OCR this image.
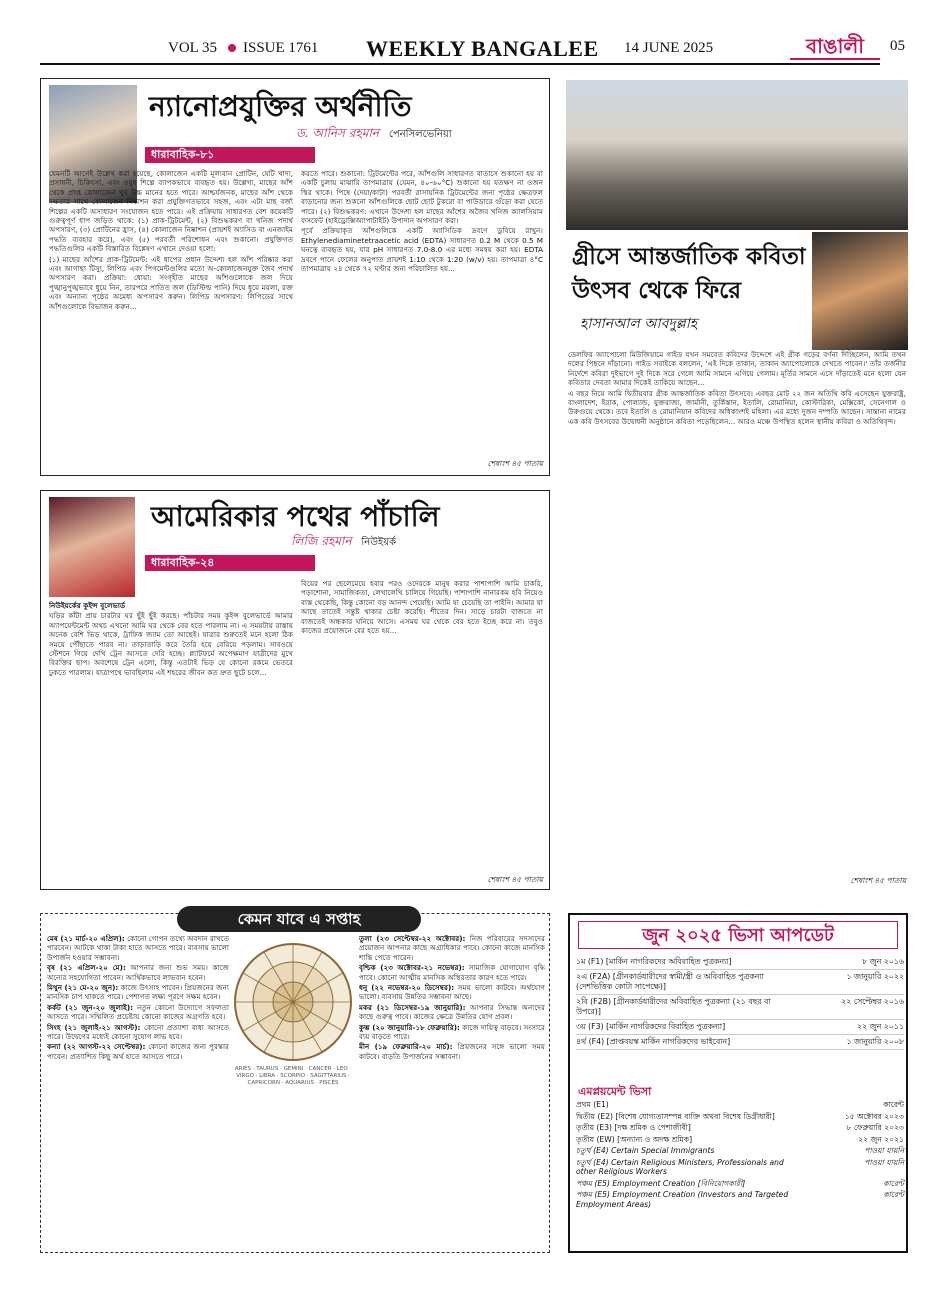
VOL 35 ISSUE 1761 WEEKLY BANGALEE 14 JUNE 2025	বাঙালী	05
ন্যানোপ্রযুক্তির অর্থনীতি
ড. আনিস রহমান পেনসিলভেনিয়া
ধারাবাহিক-৮১

যেমনটি আগেই উল্লেখ করা হয়েছে, কোলাজেন একটি মূল্যবান প্রোটিন, যেটি খাদ্য, প্রসাধনী, চিকিৎসা, এবং ওষুধ শিল্পে ব্যাপকভাবে ব্যবহৃত হয়। উল্লেখ্য, মাছের আঁশ থেকে প্রাপ্ত কোলাজেন খুব উচ্চ মানের হতে পারে। আশ্চর্যজনক, মাছের আঁশ থেকে দক্ষতার সাথে কোলাজেন নিষ্কাশন করা প্রযুক্তিগতভাবে সহজ, এবং এটা মাছ বর্জ্য শিল্পের একটি অসাধারণ সংযোজন হতে পারে। এই প্রক্রিয়ায় সাধারণত বেশ কয়েকটি গুরুত্বপূর্ণ ধাপ জড়িত থাকে: (১) প্রাক-ট্রিটমেন্ট, (২) বিশুদ্ধকরণ বা খনিজ পদার্থ অপসারণ, (৩) প্রোটিনের হ্রাস, (৪) কোলাজেন নিষ্কাশন (প্রায়শই অ্যাসিড বা এনজাইম পদ্ধতি ব্যবহার করে), এবং (৫) পরবর্তী পরিশোধন এবং শুকানো। প্রযুক্তিগত পদ্ধতিগুলির একটি বিস্তারিত বিশ্লেষণ এখানে দেওয়া হলো:

(১) মাছের আঁশের প্রাক-ট্রিটমেন্ট: এই ধাপের প্রধান উদ্দেশ্য হল আঁশ পরিষ্কার করা এবং আগাছা টিস্যু, লিপিড এবং পিগমেন্টগুলির মতো অ-কোলাজেনযুক্ত জৈব পদার্থ অপসারণ করা। প্রক্রিয়া: ধোয়া: সংগৃহীত মাছের আঁশগুলোকে জল দিয়ে পুঙ্খানুপুঙ্খভাবে ধুয়ে নিন, তারপরে পাতিত জল (ডিস্টিল্ড পানি) দিয়ে ধুয়ে ময়লা, রক্ত এবং অন্যান্য পৃষ্ঠের অমেধ্য অপসারণ করুন। লিপিড অপসারণ: লিপিডের সাথে আঁশগুলোকে বিভাজন করুন...

করতে পারে। শুকানো: ট্রিটমেন্টের পরে, আঁশগুলি সাধারণত বাতাসে শুকানো হয় বা একটি চুলায় মাঝারি তাপমাত্রায় (যেমন, ৪০-৬০°C) শুকানো হয় যতক্ষণ না ওজন স্থির থাকে। পিষে (দেয়া/কাটা) পরবর্তী রাসায়নিক ট্রিটমেন্টের জন্য পৃষ্ঠের ক্ষেত্রফল বাড়ানোর জন্য শুকনো আঁশগুলিকে ছোট ছোট টুকরো বা পাউডারে গুঁড়ো করা যেতে পারে। (২) বিশুদ্ধকরণ: এখানে উদ্দেশ্য হল মাছের আঁশের অজৈব খনিজ ক্যালসিয়াম ফসফেট (হাইড্রোক্সিঅ্যাপাটাইট) উপাদান অপসারণ করা।

পূর্বে প্রক্রিয়াকৃত আঁশগুলিকে একটি অ্যাসিডিক দ্রবণে ডুবিয়ে রাখুন। Ethylenediaminetetraacetic acid (EDTA) সাধারণত 0.2 M থেকে 0.5 M ঘনত্বে ব্যবহৃত হয়, যার pH সাধারণত 7.0-8.0 এর মধ্যে সমন্বয় করা হয়। EDTA দ্রবণে পানে ফেলের অনুপাত প্রায়শই 1:10 থেকে 1:20 (w/v) হয়। তাপমাত্রা ৪°C তাপমাত্রায় ২৪ থেকে ৭২ ঘণ্টার জন্য পরিচালিত হয়...

শেষাংশ ৪৫ পাতায়
আমেরিকার পথের পাঁচালি
লিজি রহমান নিউইয়র্ক
ধারাবাহিক-২৪

নিউইয়র্কের কুইন্স বুলেভার্ড

ঘড়ির কাঁটা প্রায় চারটার ঘর ছুঁই ছুঁই করছে। পাঁচটার সময় কুইন্স বুলেভার্ডে আমার অ্যাপয়েন্টমেন্ট অথচ এখনো আমি ঘর থেকে বের হতে পারলাম না। এ সময়টায় রাস্তায় অনেক বেশি ভিড় থাকে, ট্রাফিক জ্যাম তো আছেই। যাত্রার শুরুতেই মনে হলো ঠিক সময়ে পৌঁছাতে পারব না। তাড়াতাড়ি করে তৈরি হয়ে বেরিয়ে পড়লাম। সাবওয়ে স্টেশনে গিয়ে দেখি ট্রেন আসতে দেরি হচ্ছে। প্ল্যাটফর্মে অপেক্ষমাণ যাত্রীদের মুখে বিরক্তির ছাপ। অবশেষে ট্রেন এলো, কিন্তু এতটাই ভিড় যে কোনো রকমে ভেতরে ঢুকতে পারলাম। যাত্রাপথে ভাবছিলাম এই শহরের জীবন কত দ্রুত ছুটে চলে...

বিয়ের পর ছেলেমেয়ে হবার পরও ওদেরকে মানুষ করার পাশাপাশি আমি চাকরি, পড়াশোনা, সামাজিকতা, লেখালেখি চালিয়ে গিয়েছি। পাশাপাশি নানারকম হবি নিয়েও ব্যস্ত থেকেছি, কিন্তু কোনো বড় আনন্দ পেয়েছি। আমি যা চেয়েছি তা পাইনি। আমার যা আছে তাতেই সন্তুষ্ট থাকার চেষ্টা করেছি। শীতের দিন। সাড়ে চারটা বাজতে না বাজতেই অন্ধকার ঘনিয়ে আসে। এসময় ঘর থেকে বের হতে ইচ্ছে করে না। তবুও কাজের প্রয়োজনে বের হতে হয়...

শেষাংশ ৪৫ পাতায়
গ্রীসে আন্তর্জাতিক কবিতা
উৎসব থেকে ফিরে
হাসানআল আবদুল্লাহ

ডেলফির অ্যাপোলো মিউজিয়ামে গাইড যখন সমবেত কবিদের উদ্দেশে এই গ্রীক গড়ের বর্ণনা দিচ্ছিলেন, আমি তখন দলের পিছনে দাঁড়ানো। গাইড সবাইকে বললেন, 'এই দিকে তাকান, তাকান অ্যাপোলোকে দেখতে পাবেন।' তাঁর তর্জনীর নির্দেশে কবিরা দুইভাগে দুই দিকে সরে গেলে আমি সামনে এগিয়ে গেলাম। মূর্তির সামনে এসে দাঁড়াতেই মনে হলো যেন কবিতার দেবতা আমার দিকেই তাকিয়ে আছেন...

এ বছর নিয়ে আমি দ্বিতীয়বার গ্রীক আন্তর্জাতিক কবিতা উৎসবে। এবছর মোট ২২ জন অতিথি কবি এসেছেন যুক্তরাষ্ট্র, বাংলাদেশ, ইরাক, পোল্যান্ড, যুক্তরাজ্য, জার্মানী, তুর্কিস্তান, ইতালি, রোমানিয়া, কোস্টারিকা, মেক্সিকো, সেনেগাল ও উরুগুয়ে থেকে। তবে ইতালি ও রোমানিয়ান কবিদের অধিকাংশই মহিলা। এর মধ্যে দুজন দম্পতি আছেন। সান্তানা নামের এক কবি উৎসবের উদ্বোধনী অনুষ্ঠানে কবিতা পড়েছিলেন... আরও মঞ্চে উপস্থিত হলেন স্থানীয় কবিরা ও অতিথিবৃন্দ।

শেষাংশ ৪৫ পাতায়
কেমন যাবে এ সপ্তাহ

মেষ (২১ মার্চ-২০ এপ্রিল): কোনো গোপন তথ্যে অবদান রাখতে পারবেন। আটকে থাকা টাকা হাতে আসতে পারে। ব্যবসায় ভালো উপার্জন হওয়ার সম্ভাবনা।

বৃষ (২১ এপ্রিল-২০ মে): আপনার জন্য শুভ সময়। কাজে অন্যের সহযোগিতা পাবেন। আর্থিকভাবে লাভবান হবেন।

মিথুন (২১ মে-২০ জুন): কাজে উৎসাহ পাবেন। প্রিয়জনের জন্য মানসিক চাপ থাকতে পারে। পেশাগত লক্ষ্য পূরণে সক্ষম হবেন।

কর্কট (২১ জুন-২০ জুলাই): নতুন কোনো উদ্যোগে সফলতা আসতে পারে। সম্মিলিত প্রচেষ্টায় কোনো কাজের অগ্রগতি হবে।

সিংহ (২১ জুলাই-২১ আগস্ট): কোনো প্রত্যাশা বাধা আসতে পারে। উদ্বেগের মধ্যেই কোনো সুযোগ লাভ হবে।

কন্যা (২২ আগস্ট-২২ সেপ্টেম্বর): কোনো কাজের জন্য পুরস্কার পাবেন। প্রত্যাশিত কিছু অর্থ হাতে আসতে পারে।

ARIES · TAURUS · GEMINI · CANCER · LEO · VIRGO · LIBRA · SCORPIO · SAGITTARIUS · CAPRICORN · AQUARIUS · PISCES

তুলা (২৩ সেপ্টেম্বর-২২ অক্টোবর): নিজ পরিবারের সদস্যদের প্রয়োজন আপনার কাছে অগ্রাধিকার পাবে। কোনো কাজে মানসিক শান্তি পেতে পারেন।

বৃশ্চিক (২৩ অক্টোবর-২১ নভেম্বর): সামাজিক যোগাযোগ বৃদ্ধি পাবে। কোনো আত্মীয় মানসিক অস্থিরতার কারণ হতে পারে।

ধনু (২২ নভেম্বর-২০ ডিসেম্বর): সময় ভালো কাটবে। অর্থযোগ ভালো। ব্যবসায় উন্নতির সম্ভাবনা আছে।

মকর (২১ ডিসেম্বর-১৯ জানুয়ারি): আপনার সিদ্ধান্ত অন্যদের কাছে গুরুত্ব পাবে। কাজের ক্ষেত্রে উন্নতির যোগ প্রবল।

কুম্ভ (২০ জানুয়ারি-১৮ ফেব্রুয়ারি): কাজে দায়িত্ব বাড়বে। সংসারে ব্যয় বাড়তে পারে।

মীন (১৯ ফেব্রুয়ারি-২০ মার্চ): প্রিয়জনের সঙ্গে ভালো সময় কাটবে। বাড়তি উপার্জনের সম্ভাবনা।

জুন ২০২৫ ভিসা আপডেট
১ম (F1) [মার্কিন নাগরিকদের অবিবাহিত পুত্রকন্যা]	৮ জুন ২০১৬
২এ (F2A) [গ্রীনকার্ডধারীদের স্বামী/স্ত্রী ও অবিবাহিত পুত্রকন্যা (দেশভিত্তিক কোটা সাপেক্ষে)]
১ জানুয়ারি ২০২২
২বি (F2B) [গ্রীনকার্ডধারীদের অবিবাহিত পুত্রকন্যা (২১ বছর বা উপরে)]
২২ সেপ্টেম্বর ২০১৬
৩য় (F3) [মার্কিন নাগরিকদের বিবাহিত পুত্রকন্যা]	২২ জুন ২০১১
৪র্থ (F4) [প্রাপ্তবয়স্ক মার্কিন নাগরিকদের ভাইবোন]	১ জানুয়ারি ২০০৮
এমপ্লয়মেন্ট ভিসা
প্রথম (E1)	কারেন্ট
দ্বিতীয় (E2) [বিশেষ যোগ্যতাসম্পন্ন ব্যক্তি অথবা বিশেষ ডিগ্রীধারী]	১৫ অক্টোবর ২০২৩
তৃতীয় (E3) [দক্ষ শ্রমিক ও পেশাজীবী]	৮ ফেব্রুয়ারি ২০২৩
তৃতীয় (EW) [অন্যান্য ও অদক্ষ শ্রমিক]	২২ জুন ২০২১
চতুর্থ (E4) Certain Special Immigrants	পাওয়া যায়নি
চতুর্থ (E4) Certain Religious Ministers, Professionals and other Religious Workers
পাওয়া যায়নি
পঞ্চম (E5) Employment Creation [বিনিয়োগকারী]	কারেন্ট
পঞ্চম (E5) Employment Creation (Investors and Targeted Employment Areas)
কারেন্ট
